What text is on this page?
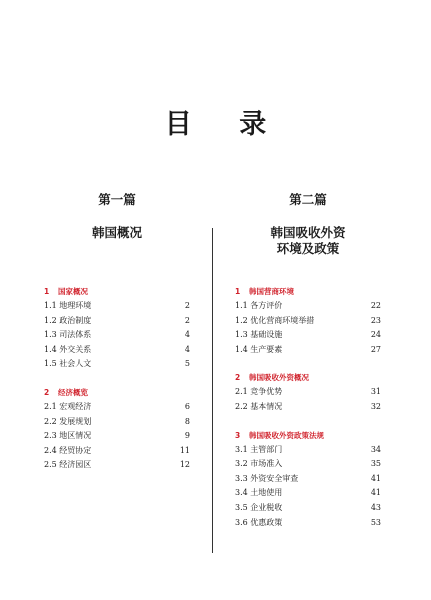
目 录
第一篇
韩国概况
1 国家概况
1.1 地理环境	2
1.2 政治制度	2
1.3 司法体系	4
1.4 外交关系	4
1.5 社会人文	5
2 经济概览
2.1 宏观经济	6
2.2 发展规划	8
2.3 地区情况	9
2.4 经贸协定	11
2.5 经济园区	12
第二篇
韩国吸收外资
环境及政策
1 韩国营商环境
1.1 各方评价	22
1.2 优化营商环境举措	23
1.3 基础设施	24
1.4 生产要素	27
2 韩国吸收外资概况
2.1 竞争优势	31
2.2 基本情况	32
3 韩国吸收外资政策法规
3.1 主管部门	34
3.2 市场准入	35
3.3 外资安全审查	41
3.4 土地使用	41
3.5 企业税收	43
3.6 优惠政策	53
